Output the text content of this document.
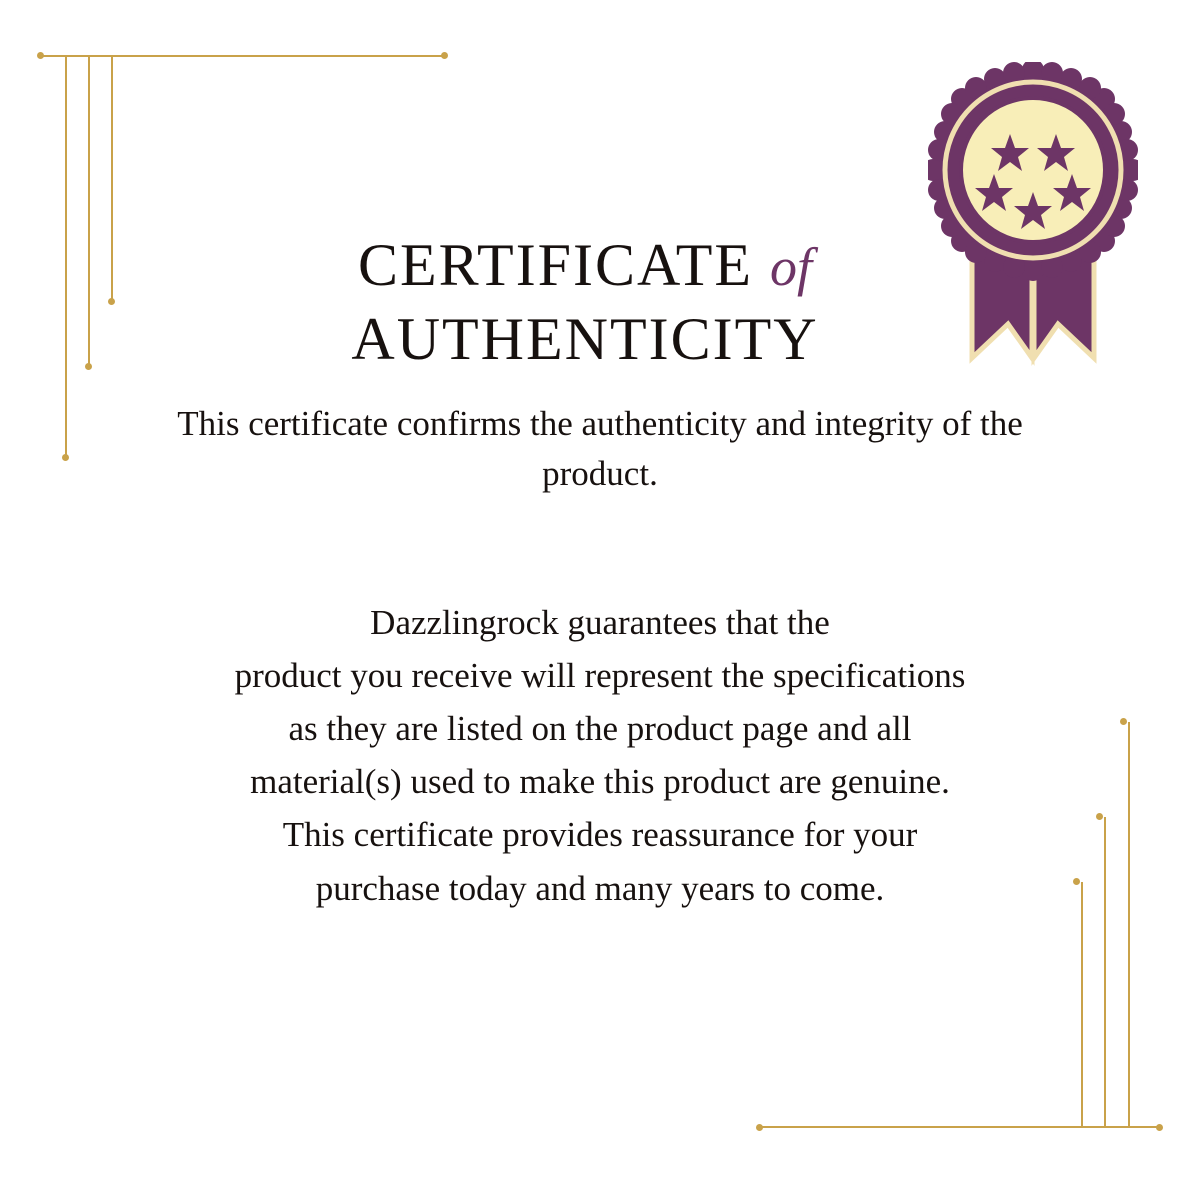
CERTIFICATE of
AUTHENTICITY

This certificate confirms the authenticity and integrity of the product.

Dazzlingrock guarantees that the
product you receive will represent the specifications
as they are listed on the product page and all
material(s) used to make this product are genuine.
This certificate provides reassurance for your
purchase today and many years to come.
